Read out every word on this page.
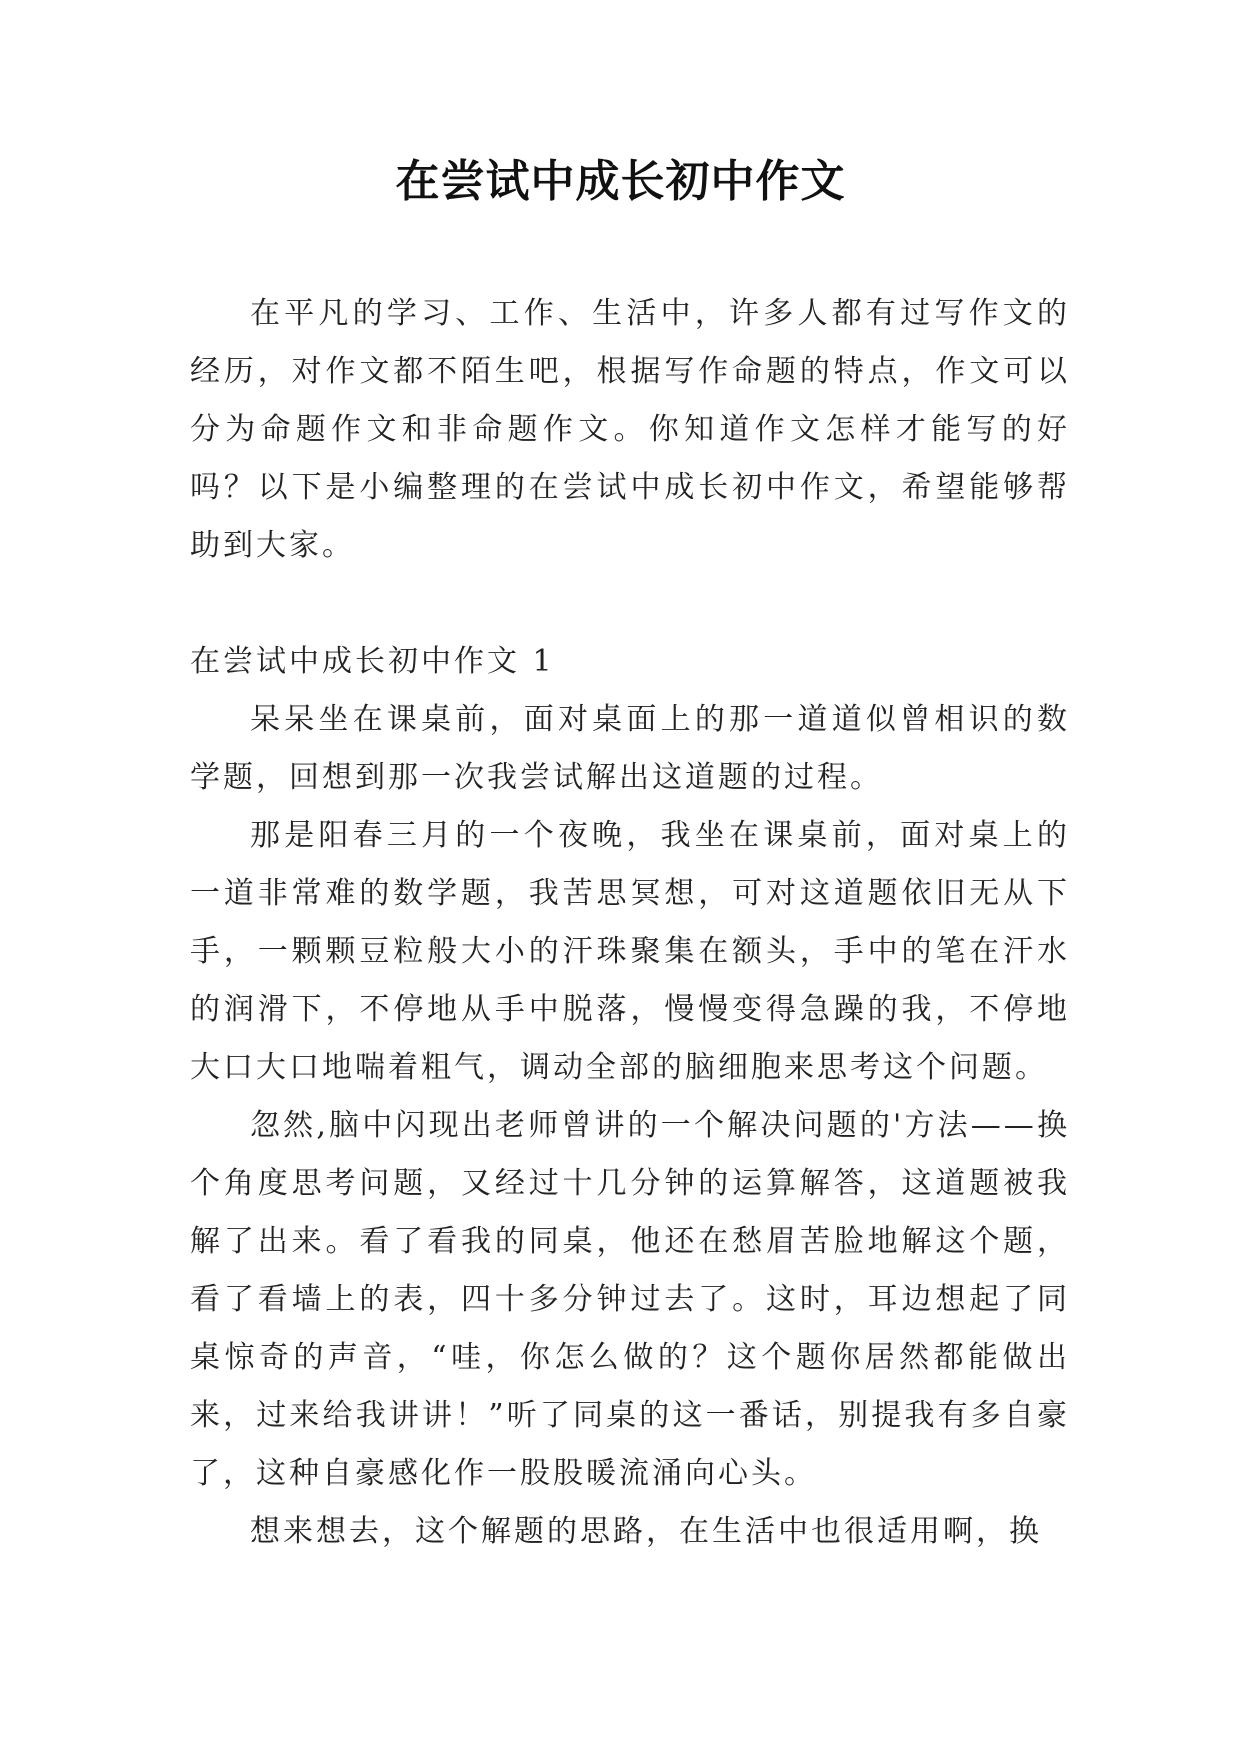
在尝试中成长初中作文

在平凡的学习、工作、生活中，许多人都有过写作文的经历，对作文都不陌生吧，根据写作命题的特点，作文可以分为命题作文和非命题作文。你知道作文怎样才能写的好吗？以下是小编整理的在尝试中成长初中作文，希望能够帮助到大家。

在尝试中成长初中作文 1

呆呆坐在课桌前，面对桌面上的那一道道似曾相识的数学题，回想到那一次我尝试解出这道题的过程。

那是阳春三月的一个夜晚，我坐在课桌前，面对桌上的一道非常难的数学题，我苦思冥想，可对这道题依旧无从下手，一颗颗豆粒般大小的汗珠聚集在额头，手中的笔在汗水的润滑下，不停地从手中脱落，慢慢变得急躁的我，不停地大口大口地喘着粗气，调动全部的脑细胞来思考这个问题。

忽然,脑中闪现出老师曾讲的一个解决问题的'方法——换个角度思考问题，又经过十几分钟的运算解答，这道题被我解了出来。看了看我的同桌，他还在愁眉苦脸地解这个题，看了看墙上的表，四十多分钟过去了。这时，耳边想起了同桌惊奇的声音，“哇，你怎么做的？这个题你居然都能做出来，过来给我讲讲！”听了同桌的这一番话，别提我有多自豪了，这种自豪感化作一股股暖流涌向心头。

想来想去，这个解题的思路，在生活中也很适用啊，换
